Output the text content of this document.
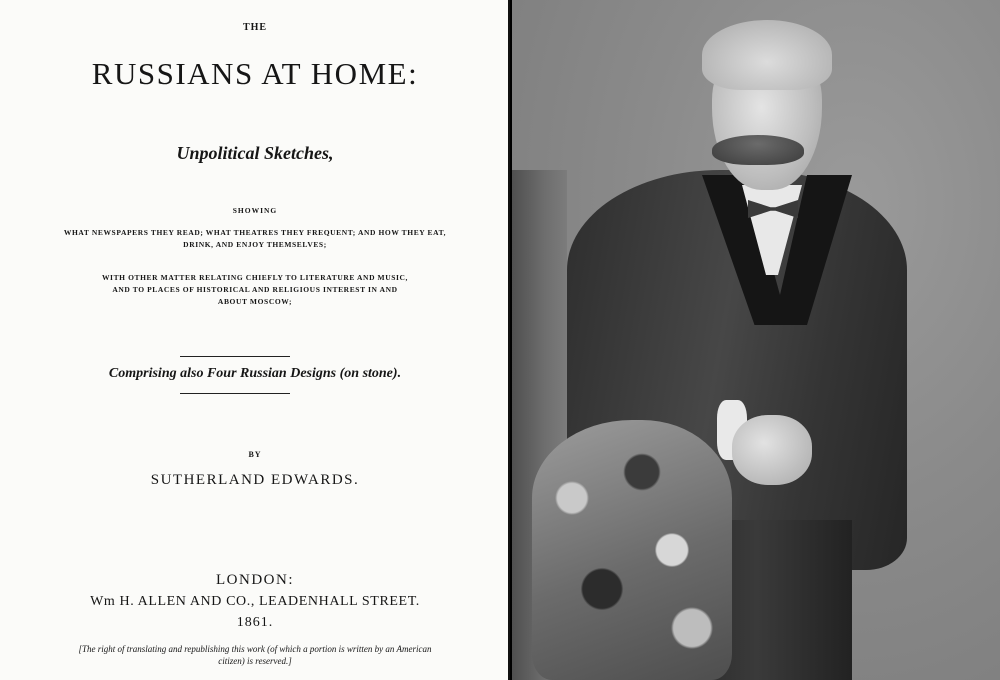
THE

RUSSIANS AT HOME:

Unpolitical Sketches,

SHOWING

WHAT NEWSPAPERS THEY READ; WHAT THEATRES THEY FREQUENT; AND HOW THEY EAT, DRINK, AND ENJOY THEMSELVES;

WITH OTHER MATTER RELATING CHIEFLY TO LITERATURE AND MUSIC, AND TO PLACES OF HISTORICAL AND RELIGIOUS INTEREST IN AND ABOUT MOSCOW;

Comprising also Four Russian Designs (on stone).

BY

SUTHERLAND EDWARDS.

LONDON:

Wm H. ALLEN AND CO., LEADENHALL STREET.

1861.

[The right of translating and republishing this work (of which a portion is written by an American citizen) is reserved.]
